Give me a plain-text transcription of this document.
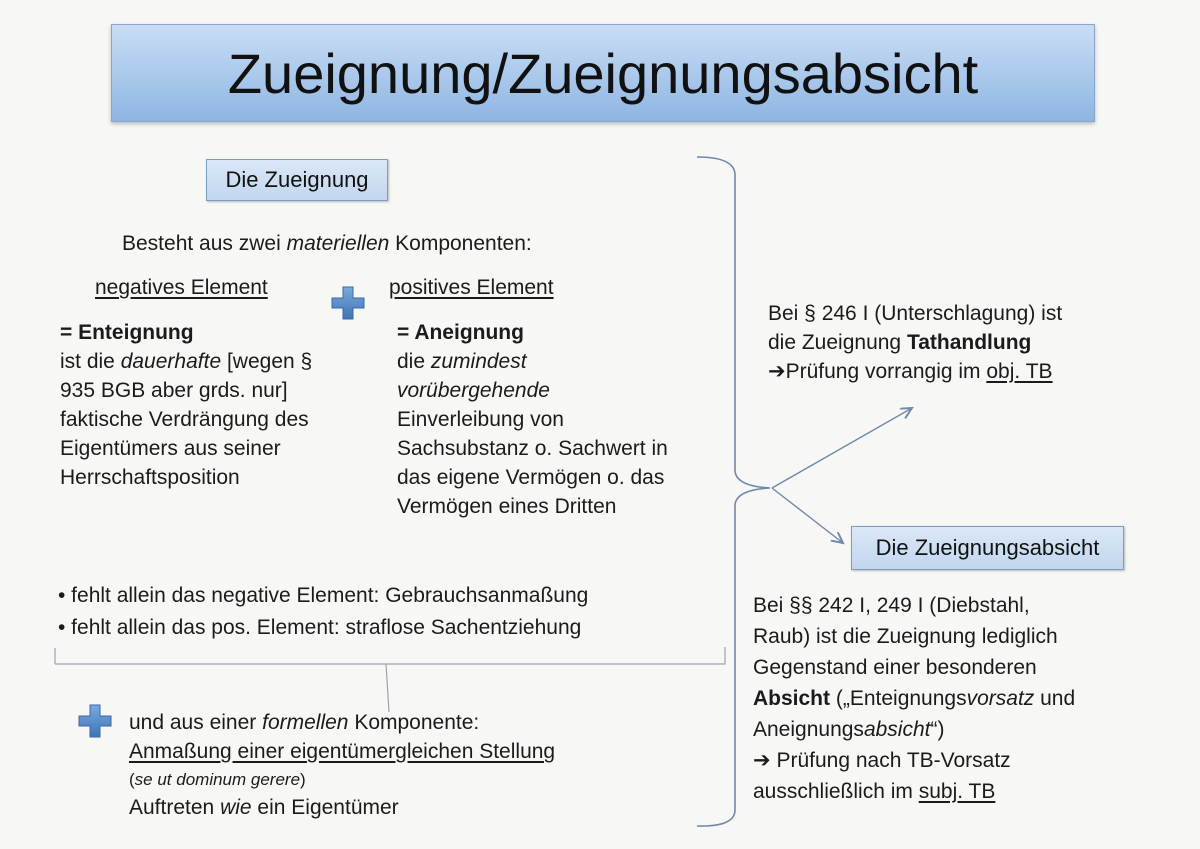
Zueignung/Zueignungsabsicht
Die Zueignung
Besteht aus zwei materiellen Komponenten:
negatives Element	positives Element
= Enteignung
ist die dauerhafte [wegen §
935 BGB aber grds. nur]
faktische Verdrängung des
Eigentümers aus seiner
Herrschaftsposition
= Aneignung
die zumindest
vorübergehende
Einverleibung von
Sachsubstanz o. Sachwert in
das eigene Vermögen o. das
Vermögen eines Dritten
• fehlt allein das negative Element: Gebrauchsanmaßung
• fehlt allein das pos. Element: straflose Sachentziehung
und aus einer formellen Komponente:
Anmaßung einer eigentümergleichen Stellung
(se ut dominum gerere)
Auftreten wie ein Eigentümer
Bei § 246 I (Unterschlagung) ist
die Zueignung Tathandlung
➔Prüfung vorrangig im obj. TB
Die Zueignungsabsicht
Bei §§ 242 I, 249 I (Diebstahl,
Raub) ist die Zueignung lediglich
Gegenstand einer besonderen
Absicht („Enteignungsvorsatz und
Aneignungsabsicht“)
➔ Prüfung nach TB-Vorsatz
ausschließlich im subj. TB
